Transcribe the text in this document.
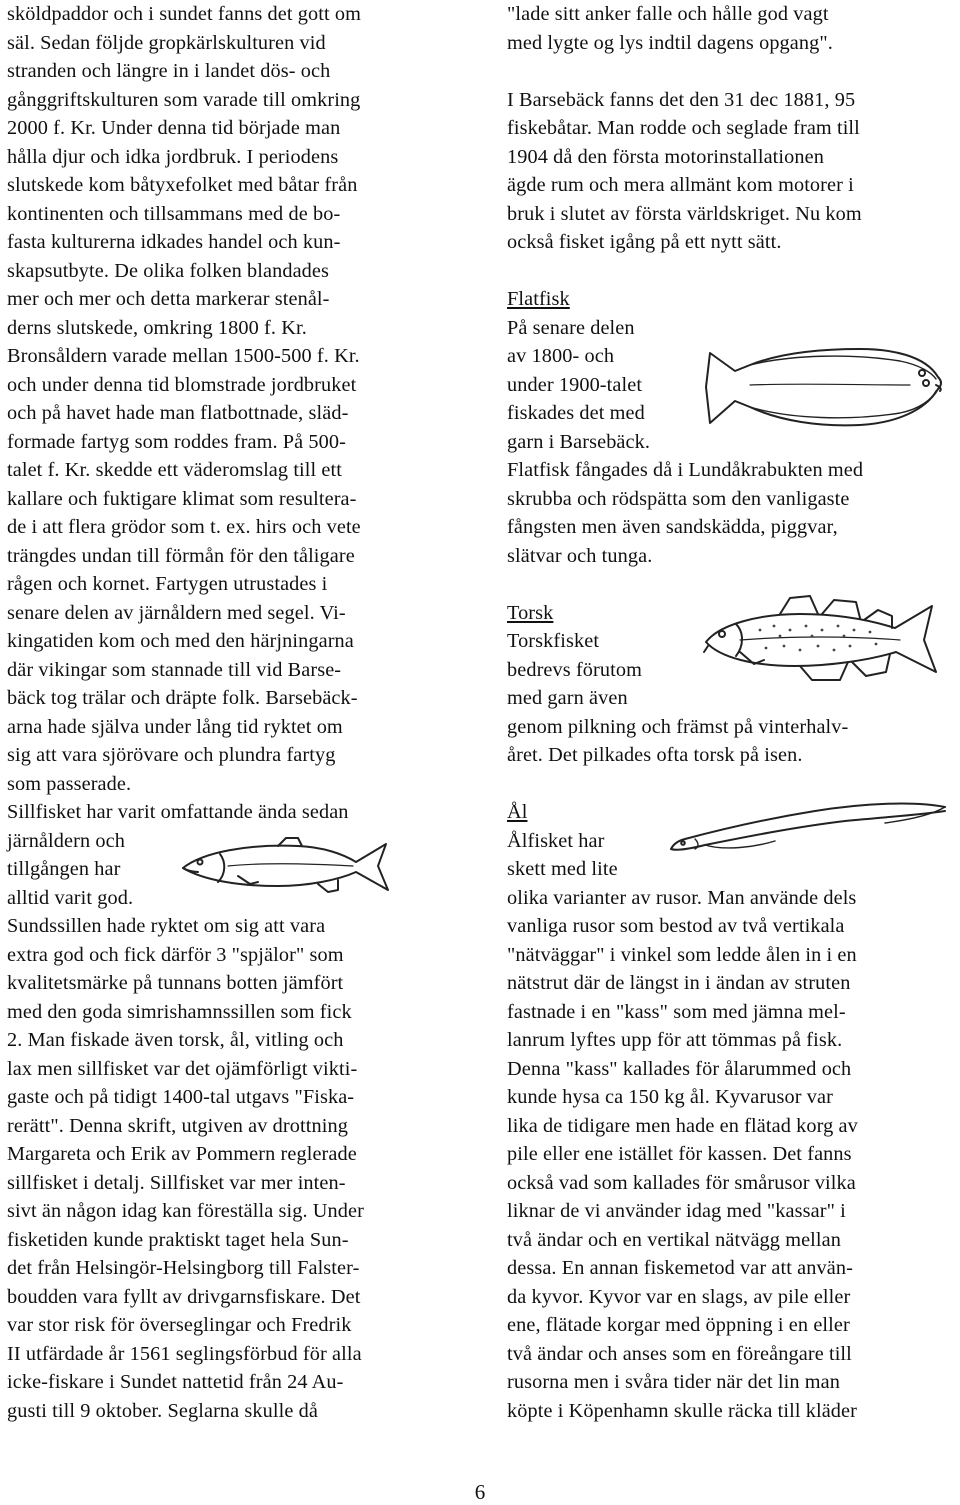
sköldpaddor och i sundet fanns det gott om
säl. Sedan följde gropkärlskulturen vid
stranden och längre in i landet dös- och
gånggriftskulturen som varade till omkring
2000 f. Kr. Under denna tid började man
hålla djur och idka jordbruk. I periodens
slutskede kom båtyxefolket med båtar från
kontinenten och tillsammans med de bo-
fasta kulturerna idkades handel och kun-
skapsutbyte. De olika folken blandades
mer och mer och detta markerar stenål-
derns slutskede, omkring 1800 f. Kr.
Bronsåldern varade mellan 1500-500 f. Kr.
och under denna tid blomstrade jordbruket
och på havet hade man flatbottnade, släd-
formade fartyg som roddes fram. På 500-
talet f. Kr. skedde ett väderomslag till ett
kallare och fuktigare klimat som resultera-
de i att flera grödor som t. ex. hirs och vete
trängdes undan till förmån för den tåligare
rågen och kornet. Fartygen utrustades i
senare delen av järnåldern med segel. Vi-
kingatiden kom och med den härjningarna
där vikingar som stannade till vid Barse-
bäck tog trälar och dräpte folk. Barsebäck-
arna hade själva under lång tid ryktet om
sig att vara sjörövare och plundra fartyg
som passerade.
Sillfisket har varit omfattande ända sedan
järnåldern och
tillgången har
alltid varit god.
Sundssillen hade ryktet om sig att vara
extra god och fick därför 3 "spjälor" som
kvalitetsmärke på tunnans botten jämfört
med den goda simrishamnssillen som fick
2. Man fiskade även torsk, ål, vitling och
lax men sillfisket var det ojämförligt vikti-
gaste och på tidigt 1400-tal utgavs "Fiska-
rerätt". Denna skrift, utgiven av drottning
Margareta och Erik av Pommern reglerade
sillfisket i detalj. Sillfisket var mer inten-
sivt än någon idag kan föreställa sig. Under
fisketiden kunde praktiskt taget hela Sun-
det från Helsingör-Helsingborg till Falster-
boudden vara fyllt av drivgarnsfiskare. Det
var stor risk för överseglingar och Fredrik
II utfärdade år 1561 seglingsförbud för alla
icke-fiskare i Sundet nattetid från 24 Au-
gusti till 9 oktober. Seglarna skulle då
"lade sitt anker falle och hålle god vagt
med lygte og lys indtil dagens opgang".
I Barsebäck fanns det den 31 dec 1881, 95
fiskebåtar. Man rodde och seglade fram till
1904 då den första motorinstallationen
ägde rum och mera allmänt kom motorer i
bruk i slutet av första världskriget. Nu kom
också fisket igång på ett nytt sätt.
Flatfisk
På senare delen
av 1800- och
under 1900-talet
fiskades det med
garn i Barsebäck.
Flatfisk fångades då i Lundåkrabukten med
skrubba och rödspätta som den vanligaste
fångsten men även sandskädda, piggvar,
slätvar och tunga.
Torsk
Torskfisket
bedrevs förutom
med garn även
genom pilkning och främst på vinterhalv-
året. Det pilkades ofta torsk på isen.
Ål
Ålfisket har
skett med lite
olika varianter av rusor. Man använde dels
vanliga rusor som bestod av två vertikala
"nätväggar" i vinkel som ledde ålen in i en
nätstrut där de längst in i ändan av struten
fastnade i en "kass" som med jämna mel-
lanrum lyftes upp för att tömmas på fisk.
Denna "kass" kallades för ålarummed och
kunde hysa ca 150 kg ål. Kyvarusor var
lika de tidigare men hade en flätad korg av
pile eller ene istället för kassen. Det fanns
också vad som kallades för smårusor vilka
liknar de vi använder idag med "kassar" i
två ändar och en vertikal nätvägg mellan
dessa. En annan fiskemetod var att använ-
da kyvor. Kyvor var en slags, av pile eller
ene, flätade korgar med öppning i en eller
två ändar och anses som en föreångare till
rusorna men i svåra tider när det lin man
köpte i Köpenhamn skulle räcka till kläder
6
